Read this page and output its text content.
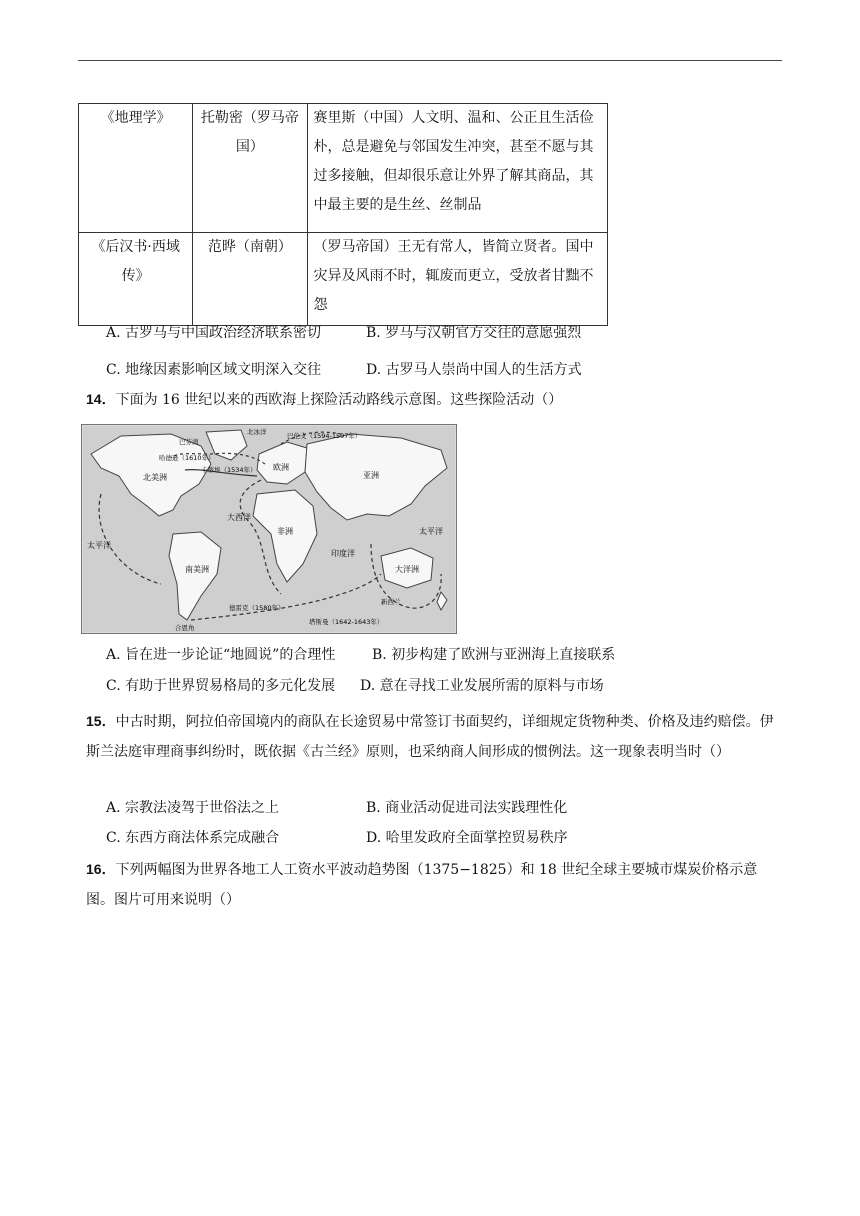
《地理学》	托勒密（罗马帝国）	赛里斯（中国）人文明、温和、公正且生活俭朴，总是避免与邻国发生冲突，甚至不愿与其过多接触，但却很乐意让外界了解其商品，其中最主要的是生丝、丝制品
《后汉书·西域传》	范晔（南朝）	（罗马帝国）王无有常人，皆简立贤者。国中灾异及风雨不时，辄废而更立，受放者甘黜不怨
A. 古罗马与中国政治经济联系密切	B. 罗马与汉朝官方交往的意愿强烈
C. 地缘因素影响区域文明深入交往	D. 古罗马人崇尚中国人的生活方式
14．下面为 16 世纪以来的西欧海上探险活动路线示意图。这些探险活动（）
北美洲
南美洲
欧洲
亚洲
非洲
大洋洲
哈德逊（1610年）
巴伦支（1594-1597年）
卡蒂埃（1534年）
德雷克（1580年）
塔斯曼（1642-1643年）
大西洋
印度洋
太平洋
太平洋
巴芬湾
北冰洋
合恩角
新西兰
A. 旨在进一步论证“地圆说”的合理性	B. 初步构建了欧洲与亚洲海上直接联系
C. 有助于世界贸易格局的多元化发展 D. 意在寻找工业发展所需的原料与市场
15．中古时期，阿拉伯帝国境内的商队在长途贸易中常签订书面契约，详细规定货物种类、价格及违约赔偿。伊斯兰法庭审理商事纠纷时，既依据《古兰经》原则，也采纳商人间形成的惯例法。这一现象表明当时（）
A. 宗教法凌驾于世俗法之上	B. 商业活动促进司法实践理性化
C. 东西方商法体系完成融合	D. 哈里发政府全面掌控贸易秩序
16．下列两幅图为世界各地工人工资水平波动趋势图（1375−1825）和 18 世纪全球主要城市煤炭价格示意图。图片可用来说明（）
